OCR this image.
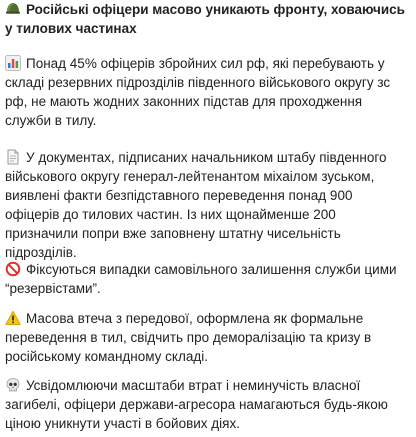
Російські офіцери масово уникають фронту, ховаючись у тилових частинах

Понад 45% офіцерів збройних сил рф, які перебувають у складі резервних підрозділів південного військового округу зс рф, не мають жодних законних підстав для проходження служби в тилу.

У документах, підписаних начальником штабу південного військового округу генерал-лейтенантом міхаілом зуськом, виявлені факти безпідставного переведення понад 900 офіцерів до тилових частин. Із них щонайменше 200 призначили попри вже заповнену штатну чисельність підрозділів.

Фіксуються випадки самовільного залишення служби цими “резервістами”.

Масова втеча з передової, оформлена як формальне переведення в тил, свідчить про деморалізацію та кризу в російському командному складі.

Усвідомлюючи масштаби втрат і неминучість власної загибелі, офіцери держави-агресора намагаються будь-якою ціною уникнути участі в бойових діях.
